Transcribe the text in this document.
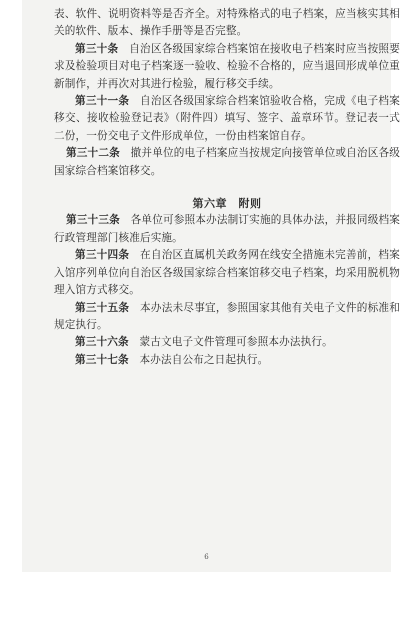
表、软件、说明资料等是否齐全。对特殊格式的电子档案，应当核实其相关的软件、版本、操作手册等是否完整。

第三十条　 自治区各级国家综合档案馆在接收电子档案时应当按照要求及检验项目对电子档案逐一验收、检验不合格的，应当退回形成单位重新制作，并再次对其进行检验，履行移交手续。

第三十一条　 自治区各级国家综合档案馆验收合格，完成《电子档案移交、接收检验登记表》（附件四）填写、签字、盖章环节。登记表一式二份，一份交电子文件形成单位，一份由档案馆自存。

第三十二条　 撤并单位的电子档案应当按规定向接管单位或自治区各级国家综合档案馆移交。

第六章　附则

第三十三条　 各单位可参照本办法制订实施的具体办法，并报同级档案行政管理部门核准后实施。

第三十四条　 在自治区直属机关政务网在线安全措施未完善前，档案入馆序列单位向自治区各级国家综合档案馆移交电子档案，均采用脱机物理入馆方式移交。

第三十五条　 本办法未尽事宜，参照国家其他有关电子文件的标准和规定执行。

第三十六条　 蒙古文电子文件管理可参照本办法执行。

第三十七条　 本办法自公布之日起执行。

6
